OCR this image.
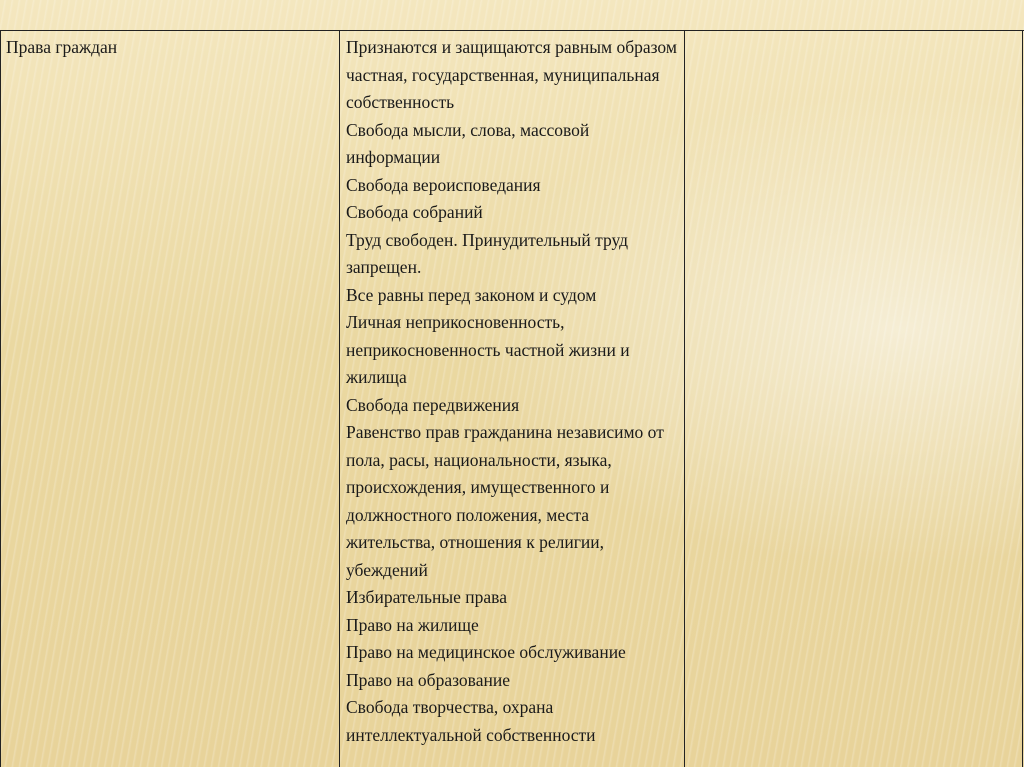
Права граждан	Признаются и защищаются равным образом частная, государственная, муниципальная собственность
Свобода мысли, слова, массовой информации
Свобода вероисповедания
Свобода собраний
Труд свободен. Принудительный труд запрещен.
Все равны перед законом и судом
Личная неприкосновенность, неприкосновенность частной жизни и жилища
Свобода передвижения
Равенство прав гражданина независимо от пола, расы, национальности, языка, происхождения, имущественного и должностного положения, места жительства, отношения к религии, убеждений
Избирательные права
Право на жилище
Право на медицинское обслуживание
Право на образование
Свобода творчества, охрана интеллектуальной собственности
